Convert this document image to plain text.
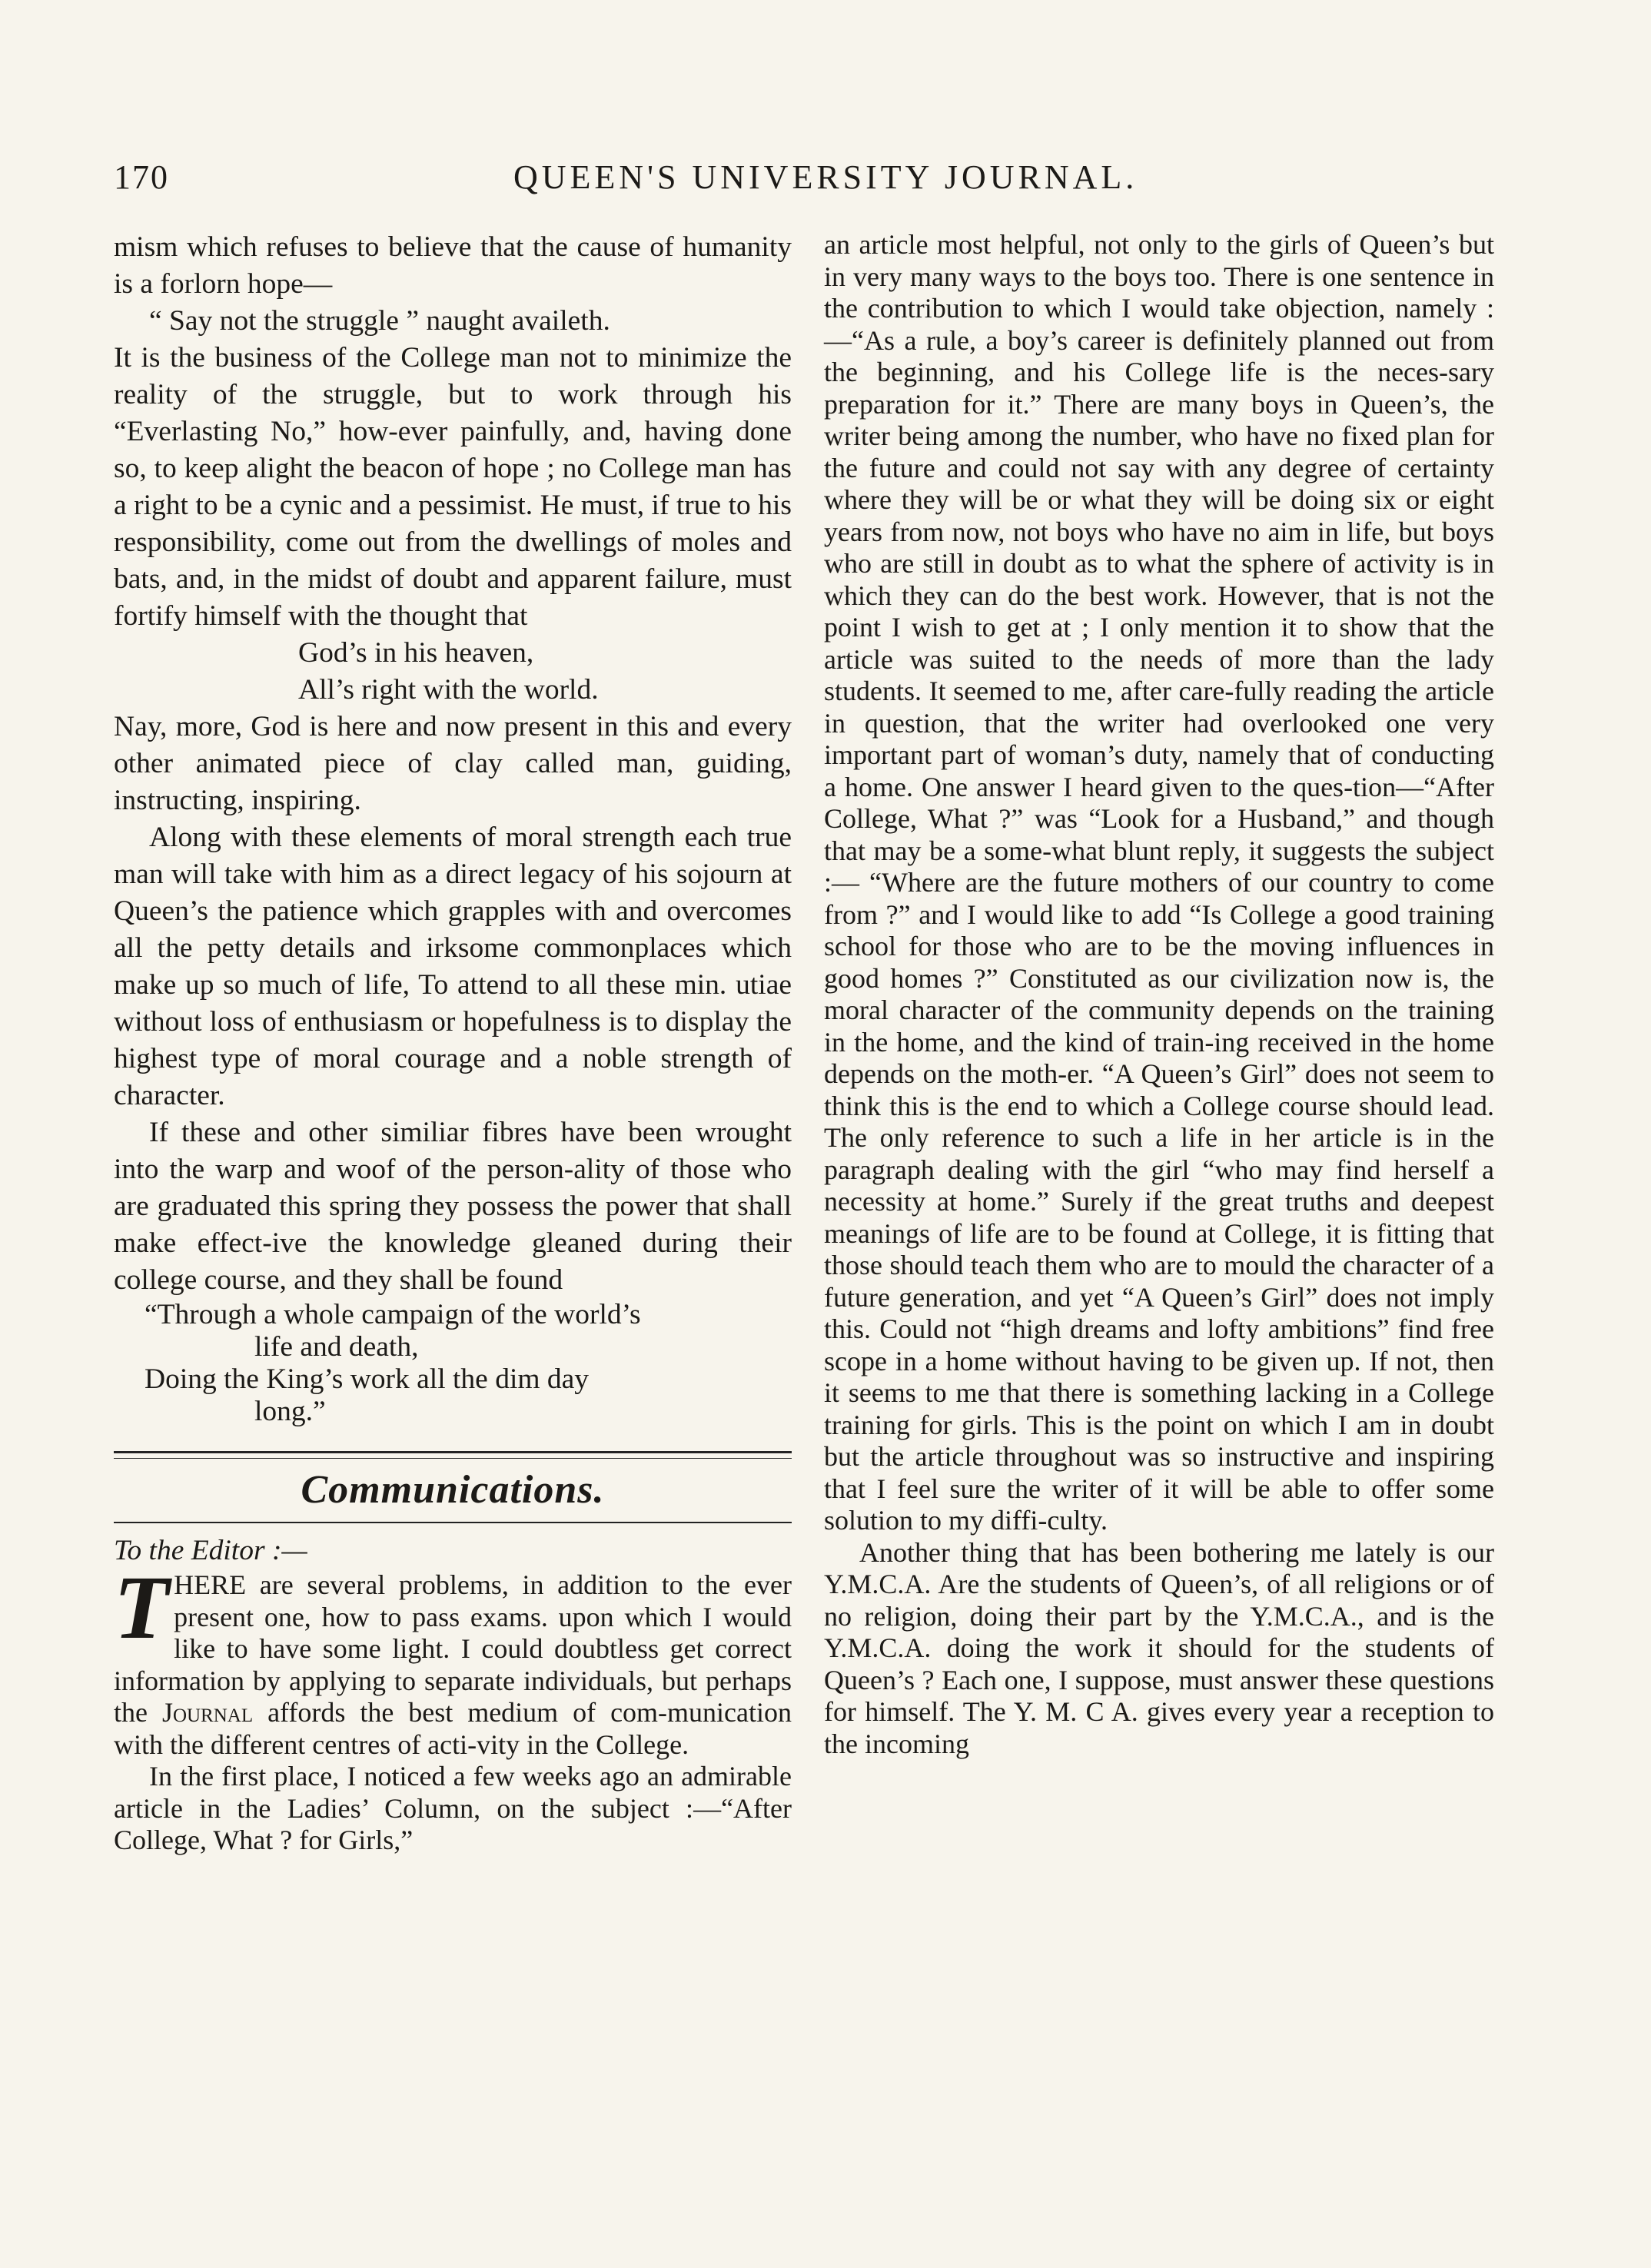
170	QUEEN'S UNIVERSITY JOURNAL.

mism which refuses to believe that the cause of humanity is a forlorn hope—

“ Say not the struggle ” naught availeth.

It is the business of the College man not to minimize the reality of the struggle, but to work through his “Everlasting No,” how-ever painfully, and, having done so, to keep alight the beacon of hope ; no College man has a right to be a cynic and a pessimist. He must, if true to his responsibility, come out from the dwellings of moles and bats, and, in the midst of doubt and apparent failure, must fortify himself with the thought that

God’s in his heaven,
All’s right with the world.

Nay, more, God is here and now present in this and every other animated piece of clay called man, guiding, instructing, inspiring.

Along with these elements of moral strength each true man will take with him as a direct legacy of his sojourn at Queen’s the patience which grapples with and overcomes all the petty details and irksome commonplaces which make up so much of life, To attend to all these min. utiae without loss of enthusiasm or hopefulness is to display the highest type of moral courage and a noble strength of character.

If these and other similiar fibres have been wrought into the warp and woof of the person-ality of those who are graduated this spring they possess the power that shall make effect-ive the knowledge gleaned during their college course, and they shall be found

“Through a whole campaign of the world’s
life and death,
Doing the King’s work all the dim day
long.”
Communications.

To the Editor :—

THERE are several problems, in addition to the ever present one, how to pass exams. upon which I would like to have some light. I could doubtless get correct information by applying to separate individuals, but perhaps the Journal affords the best medium of com-munication with the different centres of acti-vity in the College.

In the first place, I noticed a few weeks ago an admirable article in the Ladies’ Column, on the subject :—“After College, What ? for Girls,”

an article most helpful, not only to the girls of Queen’s but in very many ways to the boys too. There is one sentence in the contribution to which I would take objection, namely :—“As a rule, a boy’s career is definitely planned out from the beginning, and his College life is the neces-sary preparation for it.” There are many boys in Queen’s, the writer being among the number, who have no fixed plan for the future and could not say with any degree of certainty where they will be or what they will be doing six or eight years from now, not boys who have no aim in life, but boys who are still in doubt as to what the sphere of activity is in which they can do the best work. However, that is not the point I wish to get at ; I only mention it to show that the article was suited to the needs of more than the lady students. It seemed to me, after care-fully reading the article in question, that the writer had overlooked one very important part of woman’s duty, namely that of conducting a home. One answer I heard given to the ques-tion—“After College, What ?” was “Look for a Husband,” and though that may be a some-what blunt reply, it suggests the subject :— “Where are the future mothers of our country to come from ?” and I would like to add “Is College a good training school for those who are to be the moving influences in good homes ?” Constituted as our civilization now is, the moral character of the community depends on the training in the home, and the kind of train-ing received in the home depends on the moth-er. “A Queen’s Girl” does not seem to think this is the end to which a College course should lead. The only reference to such a life in her article is in the paragraph dealing with the girl “who may find herself a necessity at home.” Surely if the great truths and deepest meanings of life are to be found at College, it is fitting that those should teach them who are to mould the character of a future generation, and yet “A Queen’s Girl” does not imply this. Could not “high dreams and lofty ambitions” find free scope in a home without having to be given up. If not, then it seems to me that there is something lacking in a College training for girls. This is the point on which I am in doubt but the article throughout was so instructive and inspiring that I feel sure the writer of it will be able to offer some solution to my diffi-culty.

Another thing that has been bothering me lately is our Y.M.C.A. Are the students of Queen’s, of all religions or of no religion, doing their part by the Y.M.C.A., and is the Y.M.C.A. doing the work it should for the students of Queen’s ? Each one, I suppose, must answer these questions for himself. The Y. M. C A. gives every year a reception to the incoming
